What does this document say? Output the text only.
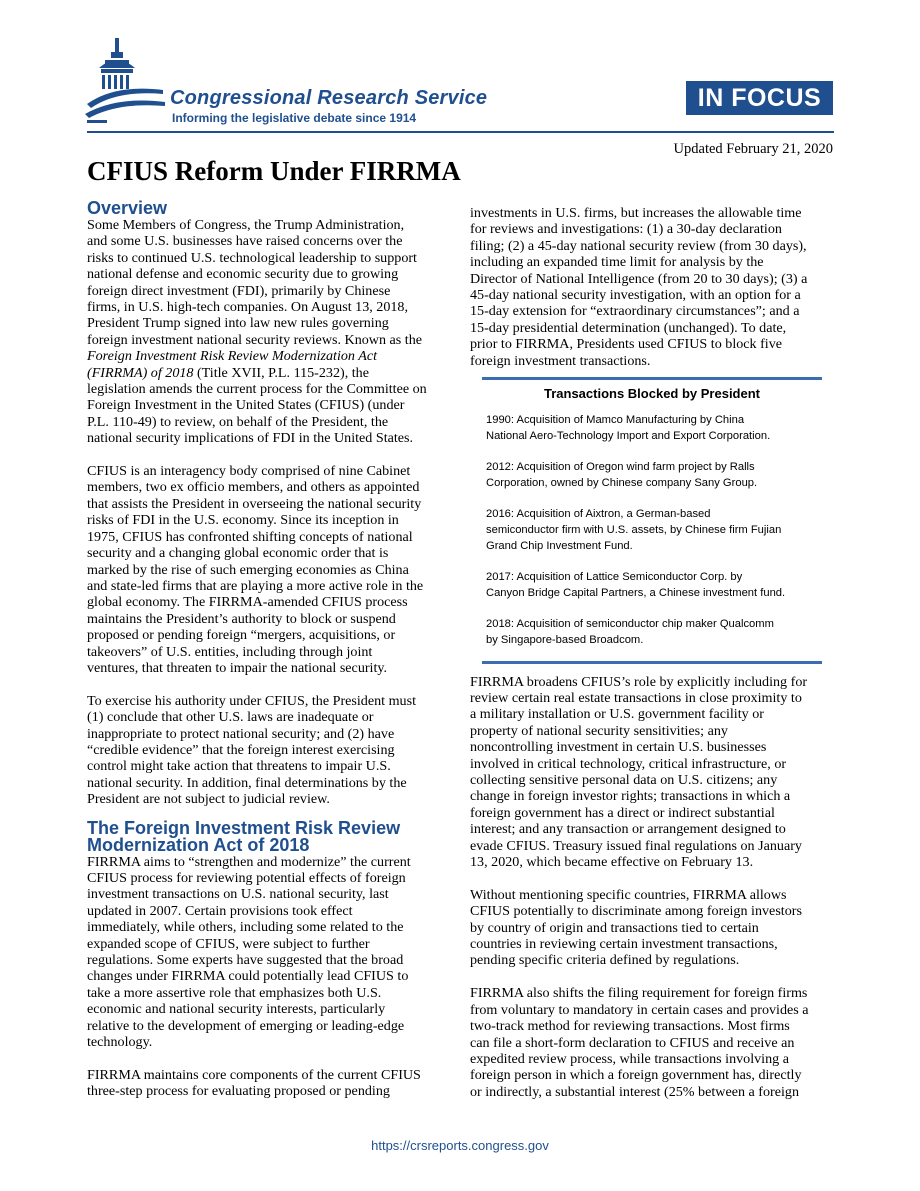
Congressional Research Service
Informing the legislative debate since 1914
IN FOCUS
Updated February 21, 2020
CFIUS Reform Under FIRRMA
Overview

Some Members of Congress, the Trump Administration,
and some U.S. businesses have raised concerns over the
risks to continued U.S. technological leadership to support
national defense and economic security due to growing
foreign direct investment (FDI), primarily by Chinese
firms, in U.S. high-tech companies. On August 13, 2018,
President Trump signed into law new rules governing
foreign investment national security reviews. Known as the
Foreign Investment Risk Review Modernization Act
(FIRRMA) of 2018 (Title XVII, P.L. 115-232), the
legislation amends the current process for the Committee on
Foreign Investment in the United States (CFIUS) (under
P.L. 110-49) to review, on behalf of the President, the
national security implications of FDI in the United States.

CFIUS is an interagency body comprised of nine Cabinet
members, two ex officio members, and others as appointed
that assists the President in overseeing the national security
risks of FDI in the U.S. economy. Since its inception in
1975, CFIUS has confronted shifting concepts of national
security and a changing global economic order that is
marked by the rise of such emerging economies as China
and state-led firms that are playing a more active role in the
global economy. The FIRRMA-amended CFIUS process
maintains the President’s authority to block or suspend
proposed or pending foreign “mergers, acquisitions, or
takeovers” of U.S. entities, including through joint
ventures, that threaten to impair the national security.

To exercise his authority under CFIUS, the President must
(1) conclude that other U.S. laws are inadequate or
inappropriate to protect national security; and (2) have
“credible evidence” that the foreign interest exercising
control might take action that threatens to impair U.S.
national security. In addition, final determinations by the
President are not subject to judicial review.

The Foreign Investment Risk Review
Modernization Act of 2018

FIRRMA aims to “strengthen and modernize” the current
CFIUS process for reviewing potential effects of foreign
investment transactions on U.S. national security, last
updated in 2007. Certain provisions took effect
immediately, while others, including some related to the
expanded scope of CFIUS, were subject to further
regulations. Some experts have suggested that the broad
changes under FIRRMA could potentially lead CFIUS to
take a more assertive role that emphasizes both U.S.
economic and national security interests, particularly
relative to the development of emerging or leading-edge
technology.

FIRRMA maintains core components of the current CFIUS
three-step process for evaluating proposed or pending

investments in U.S. firms, but increases the allowable time
for reviews and investigations: (1) a 30-day declaration
filing; (2) a 45-day national security review (from 30 days),
including an expanded time limit for analysis by the
Director of National Intelligence (from 20 to 30 days); (3) a
45-day national security investigation, with an option for a
15-day extension for “extraordinary circumstances”; and a
15-day presidential determination (unchanged). To date,
prior to FIRRMA, Presidents used CFIUS to block five
foreign investment transactions.

Transactions Blocked by President
1990: Acquisition of Mamco Manufacturing by China
National Aero-Technology Import and Export Corporation.
2012: Acquisition of Oregon wind farm project by Ralls
Corporation, owned by Chinese company Sany Group.
2016: Acquisition of Aixtron, a German-based
semiconductor firm with U.S. assets, by Chinese firm Fujian
Grand Chip Investment Fund.
2017: Acquisition of Lattice Semiconductor Corp. by
Canyon Bridge Capital Partners, a Chinese investment fund.
2018: Acquisition of semiconductor chip maker Qualcomm
by Singapore-based Broadcom.

FIRRMA broadens CFIUS’s role by explicitly including for
review certain real estate transactions in close proximity to
a military installation or U.S. government facility or
property of national security sensitivities; any
noncontrolling investment in certain U.S. businesses
involved in critical technology, critical infrastructure, or
collecting sensitive personal data on U.S. citizens; any
change in foreign investor rights; transactions in which a
foreign government has a direct or indirect substantial
interest; and any transaction or arrangement designed to
evade CFIUS. Treasury issued final regulations on January
13, 2020, which became effective on February 13.

Without mentioning specific countries, FIRRMA allows
CFIUS potentially to discriminate among foreign investors
by country of origin and transactions tied to certain
countries in reviewing certain investment transactions,
pending specific criteria defined by regulations.

FIRRMA also shifts the filing requirement for foreign firms
from voluntary to mandatory in certain cases and provides a
two-track method for reviewing transactions. Most firms
can file a short-form declaration to CFIUS and receive an
expedited review process, while transactions involving a
foreign person in which a foreign government has, directly
or indirectly, a substantial interest (25% between a foreign

https://crsreports.congress.gov
